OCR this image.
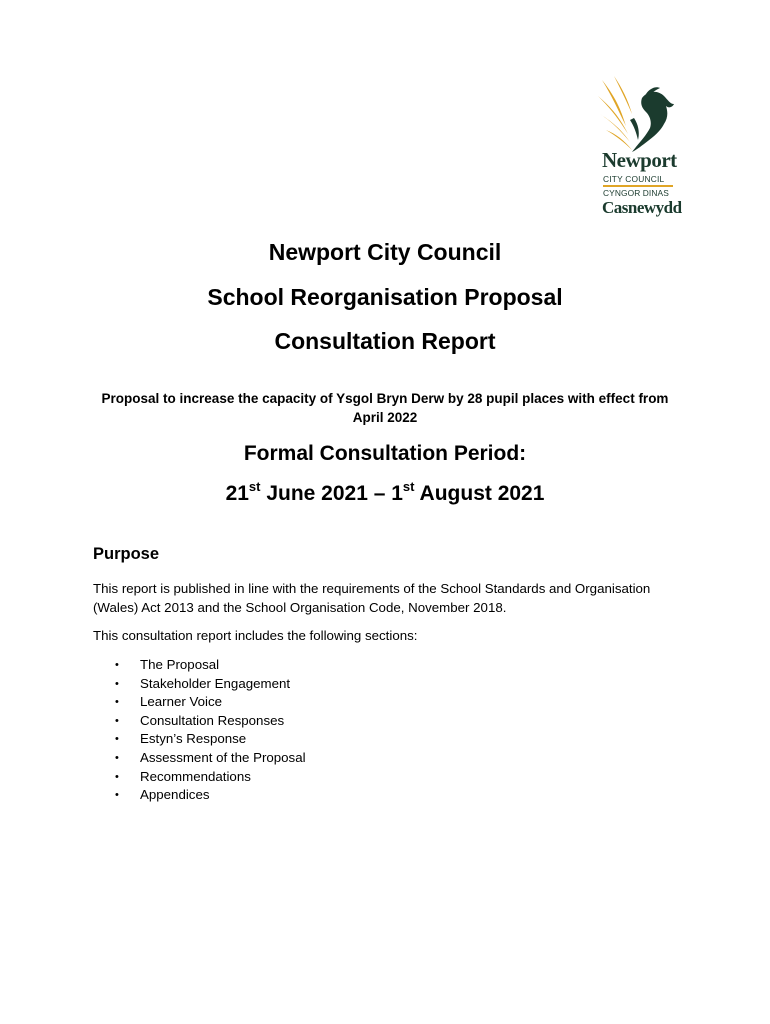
Newport
CITY COUNCIL
CYNGOR DINAS
Casnewydd
Newport City Council
School Reorganisation Proposal
Consultation Report
Proposal to increase the capacity of Ysgol Bryn Derw by 28 pupil places with effect from April 2022
Formal Consultation Period:
21st June 2021 – 1st August 2021
Purpose
This report is published in line with the requirements of the School Standards and Organisation (Wales) Act 2013 and the School Organisation Code, November 2018.
This consultation report includes the following sections:
• The Proposal
• Stakeholder Engagement
• Learner Voice
• Consultation Responses
• Estyn’s Response
• Assessment of the Proposal
• Recommendations
• Appendices
